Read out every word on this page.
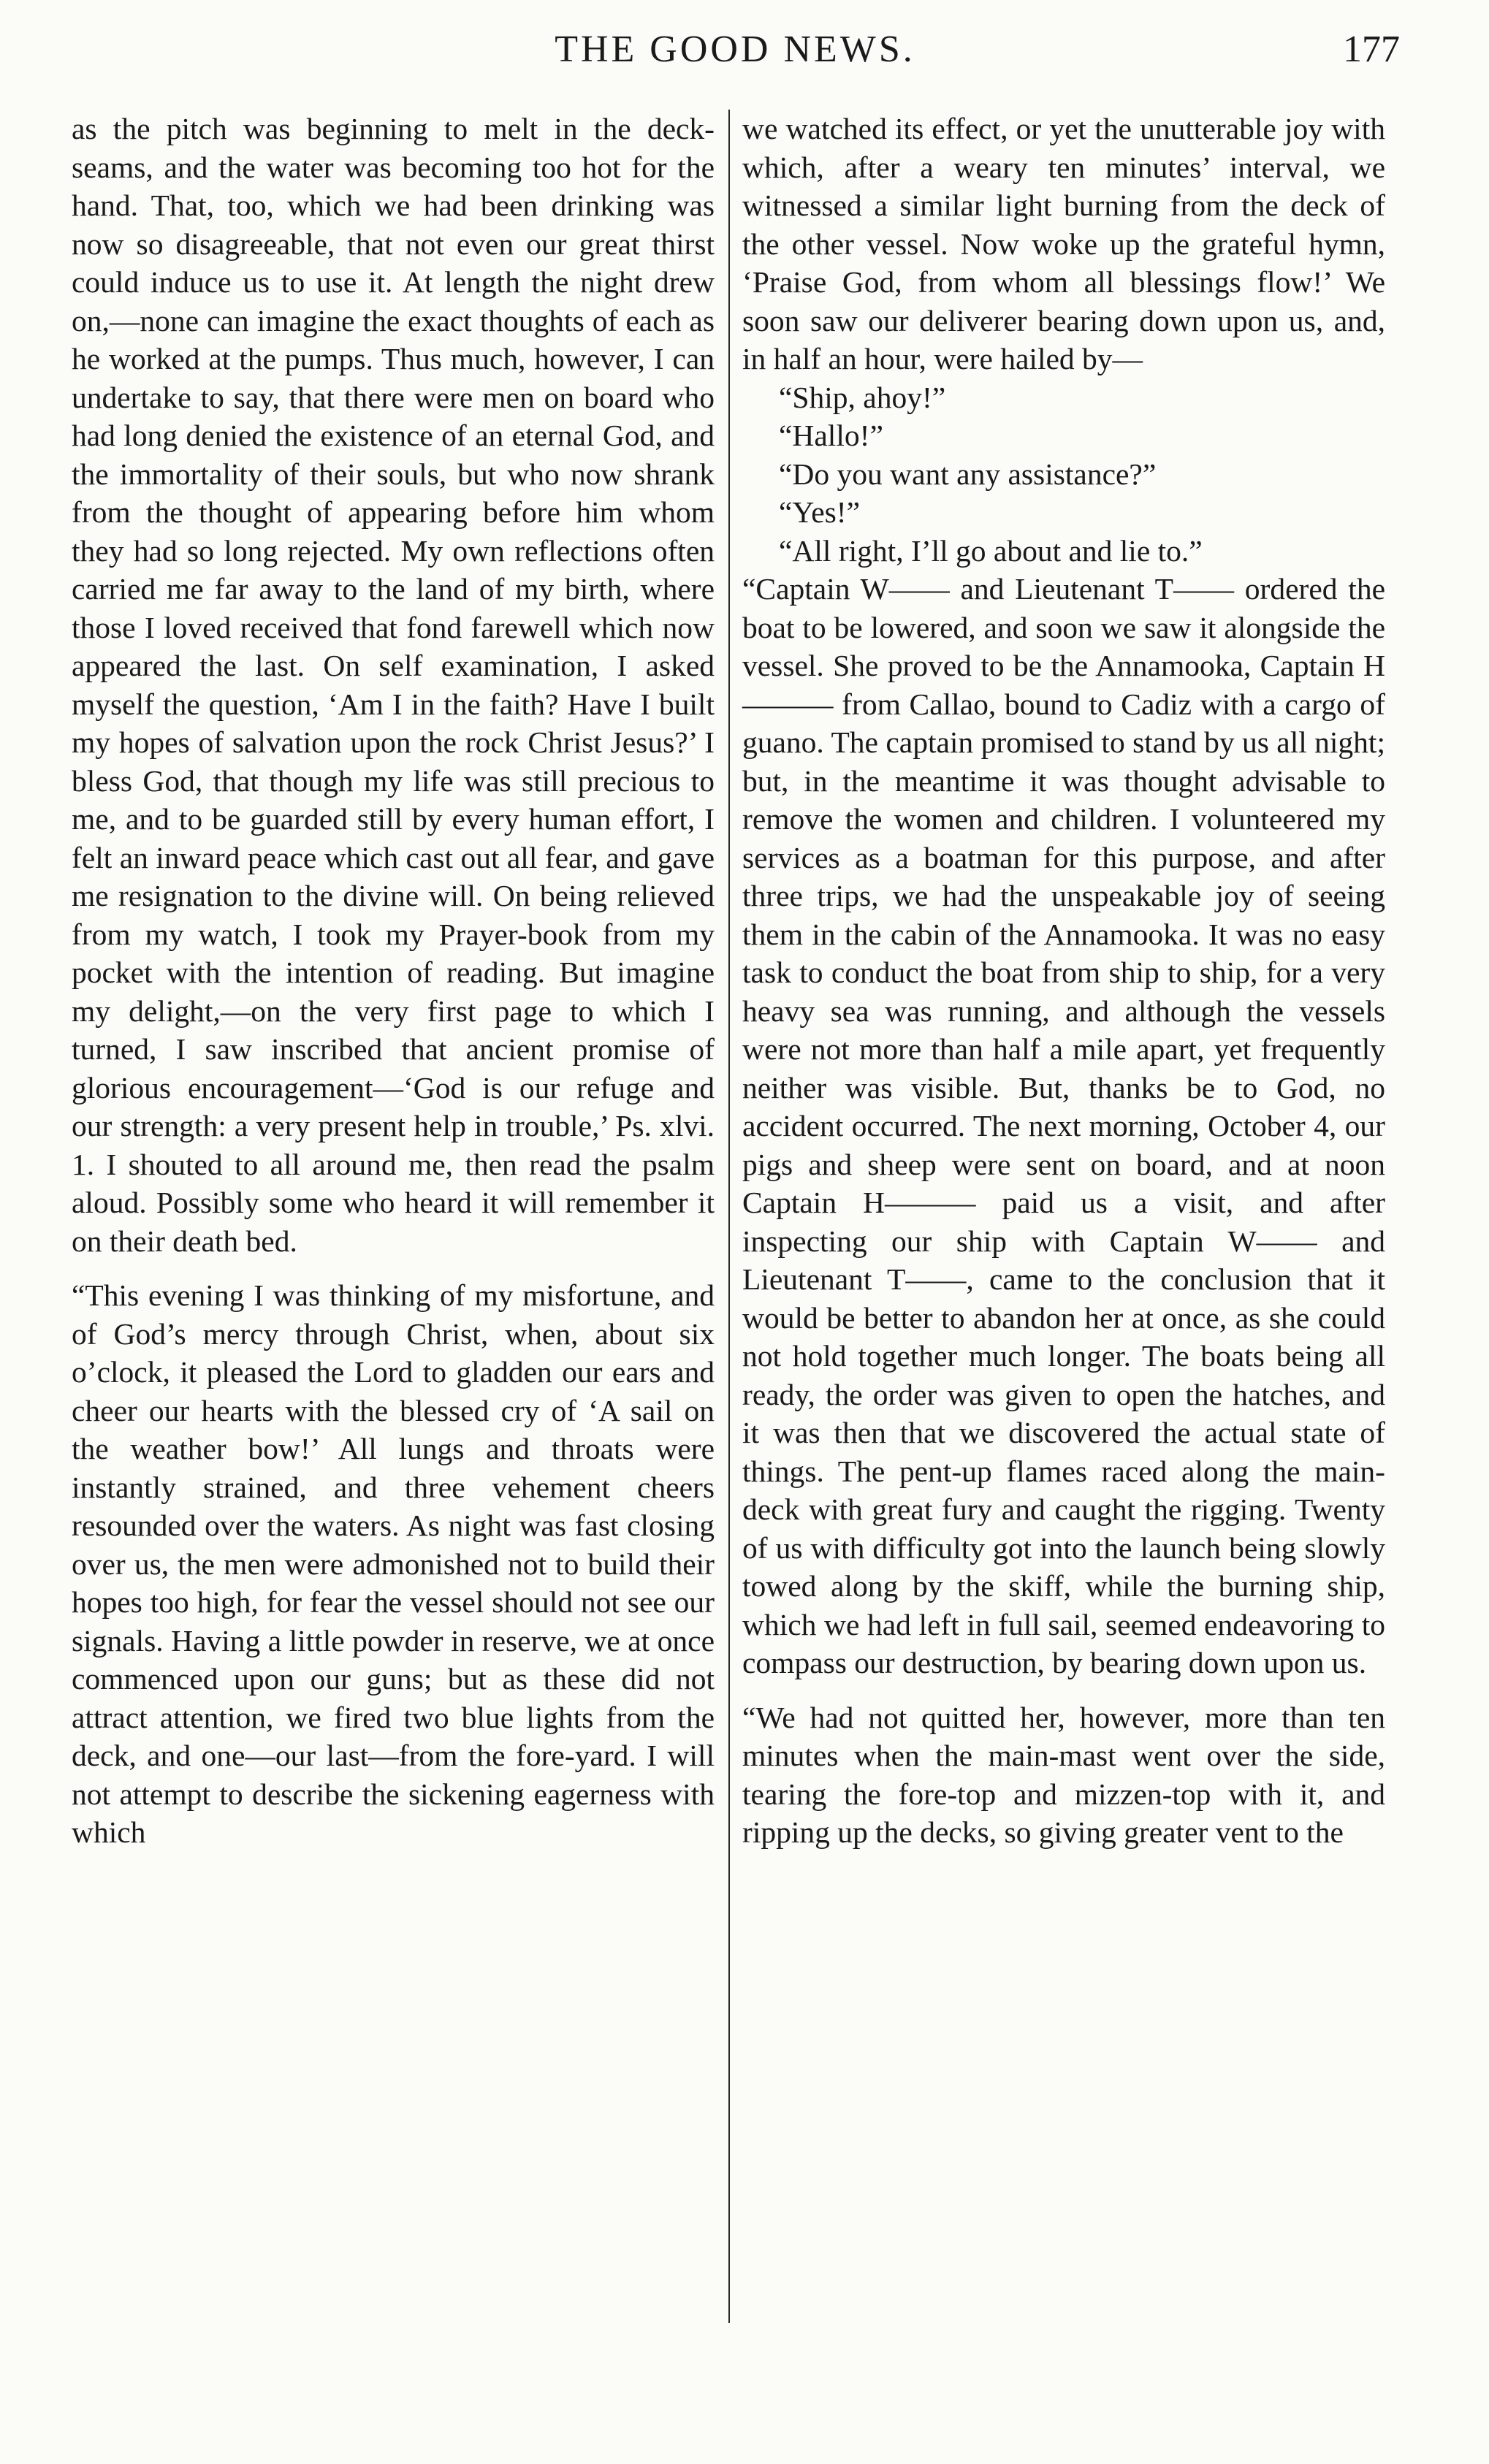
THE GOOD NEWS.	177

as the pitch was beginning to melt in the deck-seams, and the water was becoming too hot for the hand. That, too, which we had been drinking was now so disagreeable, that not even our great thirst could induce us to use it. At length the night drew on,—none can imagine the exact thoughts of each as he worked at the pumps. Thus much, however, I can undertake to say, that there were men on board who had long denied the existence of an eternal God, and the immortality of their souls, but who now shrank from the thought of appearing before him whom they had so long rejected. My own reflections often carried me far away to the land of my birth, where those I loved received that fond farewell which now appeared the last. On self examination, I asked myself the question, ‘Am I in the faith? Have I built my hopes of salvation upon the rock Christ Jesus?’ I bless God, that though my life was still precious to me, and to be guarded still by every human effort, I felt an inward peace which cast out all fear, and gave me resignation to the divine will. On being relieved from my watch, I took my Prayer-book from my pocket with the intention of reading. But imagine my delight,—on the very first page to which I turned, I saw inscribed that ancient promise of glorious encouragement—‘God is our refuge and our strength: a very present help in trouble,’ Ps. xlvi. 1. I shouted to all around me, then read the psalm aloud. Possibly some who heard it will remember it on their death bed.

“This evening I was thinking of my misfortune, and of God’s mercy through Christ, when, about six o’clock, it pleased the Lord to gladden our ears and cheer our hearts with the blessed cry of ‘A sail on the weather bow!’ All lungs and throats were instantly strained, and three vehement cheers resounded over the waters. As night was fast closing over us, the men were admonished not to build their hopes too high, for fear the vessel should not see our signals. Having a little powder in reserve, we at once commenced upon our guns; but as these did not attract attention, we fired two blue lights from the deck, and one—our last—from the fore-yard. I will not attempt to describe the sickening eagerness with which

we watched its effect, or yet the unutterable joy with which, after a weary ten minutes’ interval, we witnessed a similar light burning from the deck of the other vessel. Now woke up the grateful hymn, ‘Praise God, from whom all blessings flow!’ We soon saw our deliverer bearing down upon us, and, in half an hour, were hailed by—

“Ship, ahoy!”

“Hallo!”

“Do you want any assistance?”

“Yes!”

“All right, I’ll go about and lie to.”

“Captain W—— and Lieutenant T—— ordered the boat to be lowered, and soon we saw it alongside the vessel. She proved to be the Annamooka, Captain H——— from Callao, bound to Cadiz with a cargo of guano. The captain promised to stand by us all night; but, in the meantime it was thought advisable to remove the women and children. I volunteered my services as a boatman for this purpose, and after three trips, we had the unspeakable joy of seeing them in the cabin of the Annamooka. It was no easy task to conduct the boat from ship to ship, for a very heavy sea was running, and although the vessels were not more than half a mile apart, yet frequently neither was visible. But, thanks be to God, no accident occurred. The next morning, October 4, our pigs and sheep were sent on board, and at noon Captain H——— paid us a visit, and after inspecting our ship with Captain W—— and Lieutenant T——, came to the conclusion that it would be better to abandon her at once, as she could not hold together much longer. The boats being all ready, the order was given to open the hatches, and it was then that we discovered the actual state of things. The pent-up flames raced along the main-deck with great fury and caught the rigging. Twenty of us with difficulty got into the launch being slowly towed along by the skiff, while the burning ship, which we had left in full sail, seemed endeavoring to compass our destruction, by bearing down upon us.

“We had not quitted her, however, more than ten minutes when the main-mast went over the side, tearing the fore-top and mizzen-top with it, and ripping up the decks, so giving greater vent to the
